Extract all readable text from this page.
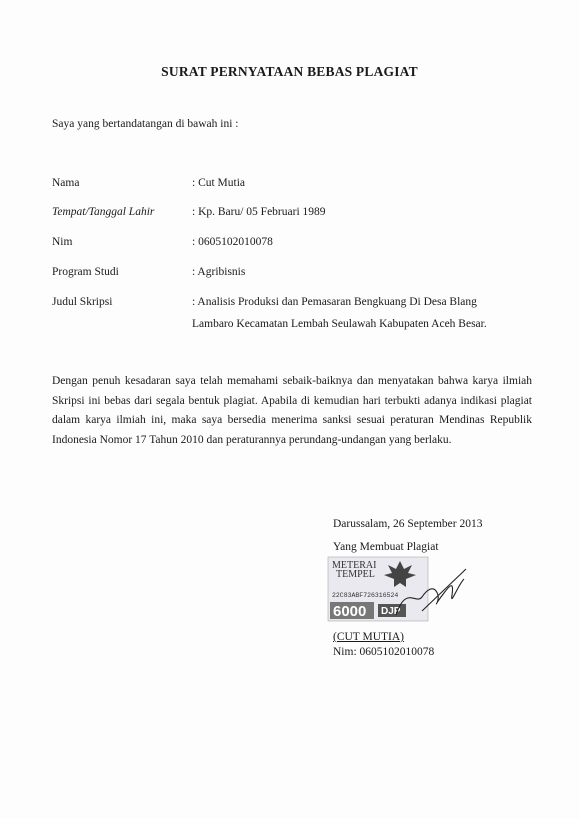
SURAT PERNYATAAN BEBAS PLAGIAT
Saya yang bertandatangan di bawah ini :
Nama	: Cut Mutia
Tempat/Tanggal Lahir	: Kp. Baru/ 05 Februari 1989
Nim	: 0605102010078
Program Studi	: Agribisnis
Judul Skripsi	: Analisis Produksi dan Pemasaran Bengkuang Di Desa Blang
Lambaro Kecamatan Lembah Seulawah Kabupaten Aceh Besar.
Dengan penuh kesadaran saya telah memahami sebaik-baiknya dan menyatakan bahwa karya ilmiah Skripsi ini bebas dari segala bentuk plagiat. Apabila di kemudian hari terbukti adanya indikasi plagiat dalam karya ilmiah ini, maka saya bersedia menerima sanksi sesuai peraturan Mendinas Republik Indonesia Nomor 17 Tahun 2010 dan peraturannya perundang-undangan yang berlaku.
Darussalam, 26 September 2013
Yang Membuat Plagiat
METERAI
TEMPEL
22C83ABF726316524
6000 DJP
(CUT MUTIA)
Nim: 0605102010078
